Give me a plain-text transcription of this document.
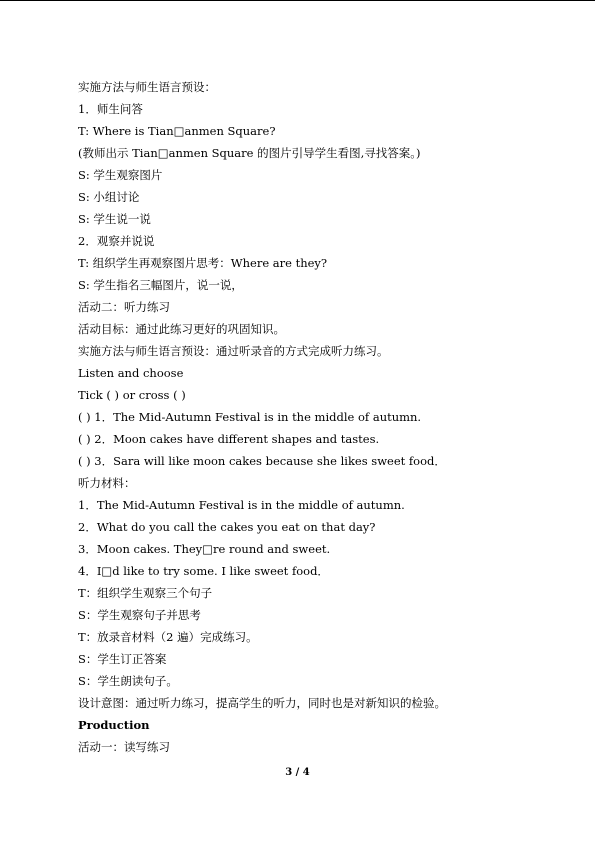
实施方法与师生语言预设：
1．师生问答
T: Where is Tian□anmen Square?
(教师出示 Tian□anmen Square 的图片引导学生看图,寻找答案。)
S: 学生观察图片
S: 小组讨论
S: 学生说一说
2．观察并说说
T: 组织学生再观察图片思考：Where are they?
S: 学生指名三幅图片，说一说，
活动二：听力练习
活动目标：通过此练习更好的巩固知识。
实施方法与师生语言预设：通过听录音的方式完成听力练习。
Listen and choose
Tick ( ) or cross ( )
( ) 1．The Mid-Autumn Festival is in the middle of autumn.
( ) 2．Moon cakes have different shapes and tastes.
( ) 3．Sara will like moon cakes because she likes sweet food．
听力材料：
1．The Mid-Autumn Festival is in the middle of autumn.
2．What do you call the cakes you eat on that day?
3．Moon cakes. They□re round and sweet.
4．I□d like to try some. I like sweet food．
T：组织学生观察三个句子
S：学生观察句子并思考
T：放录音材料（2 遍）完成练习。
S：学生订正答案
S：学生朗读句子。
设计意图：通过听力练习，提高学生的听力，同时也是对新知识的检验。
Production
活动一：读写练习
3 / 4
